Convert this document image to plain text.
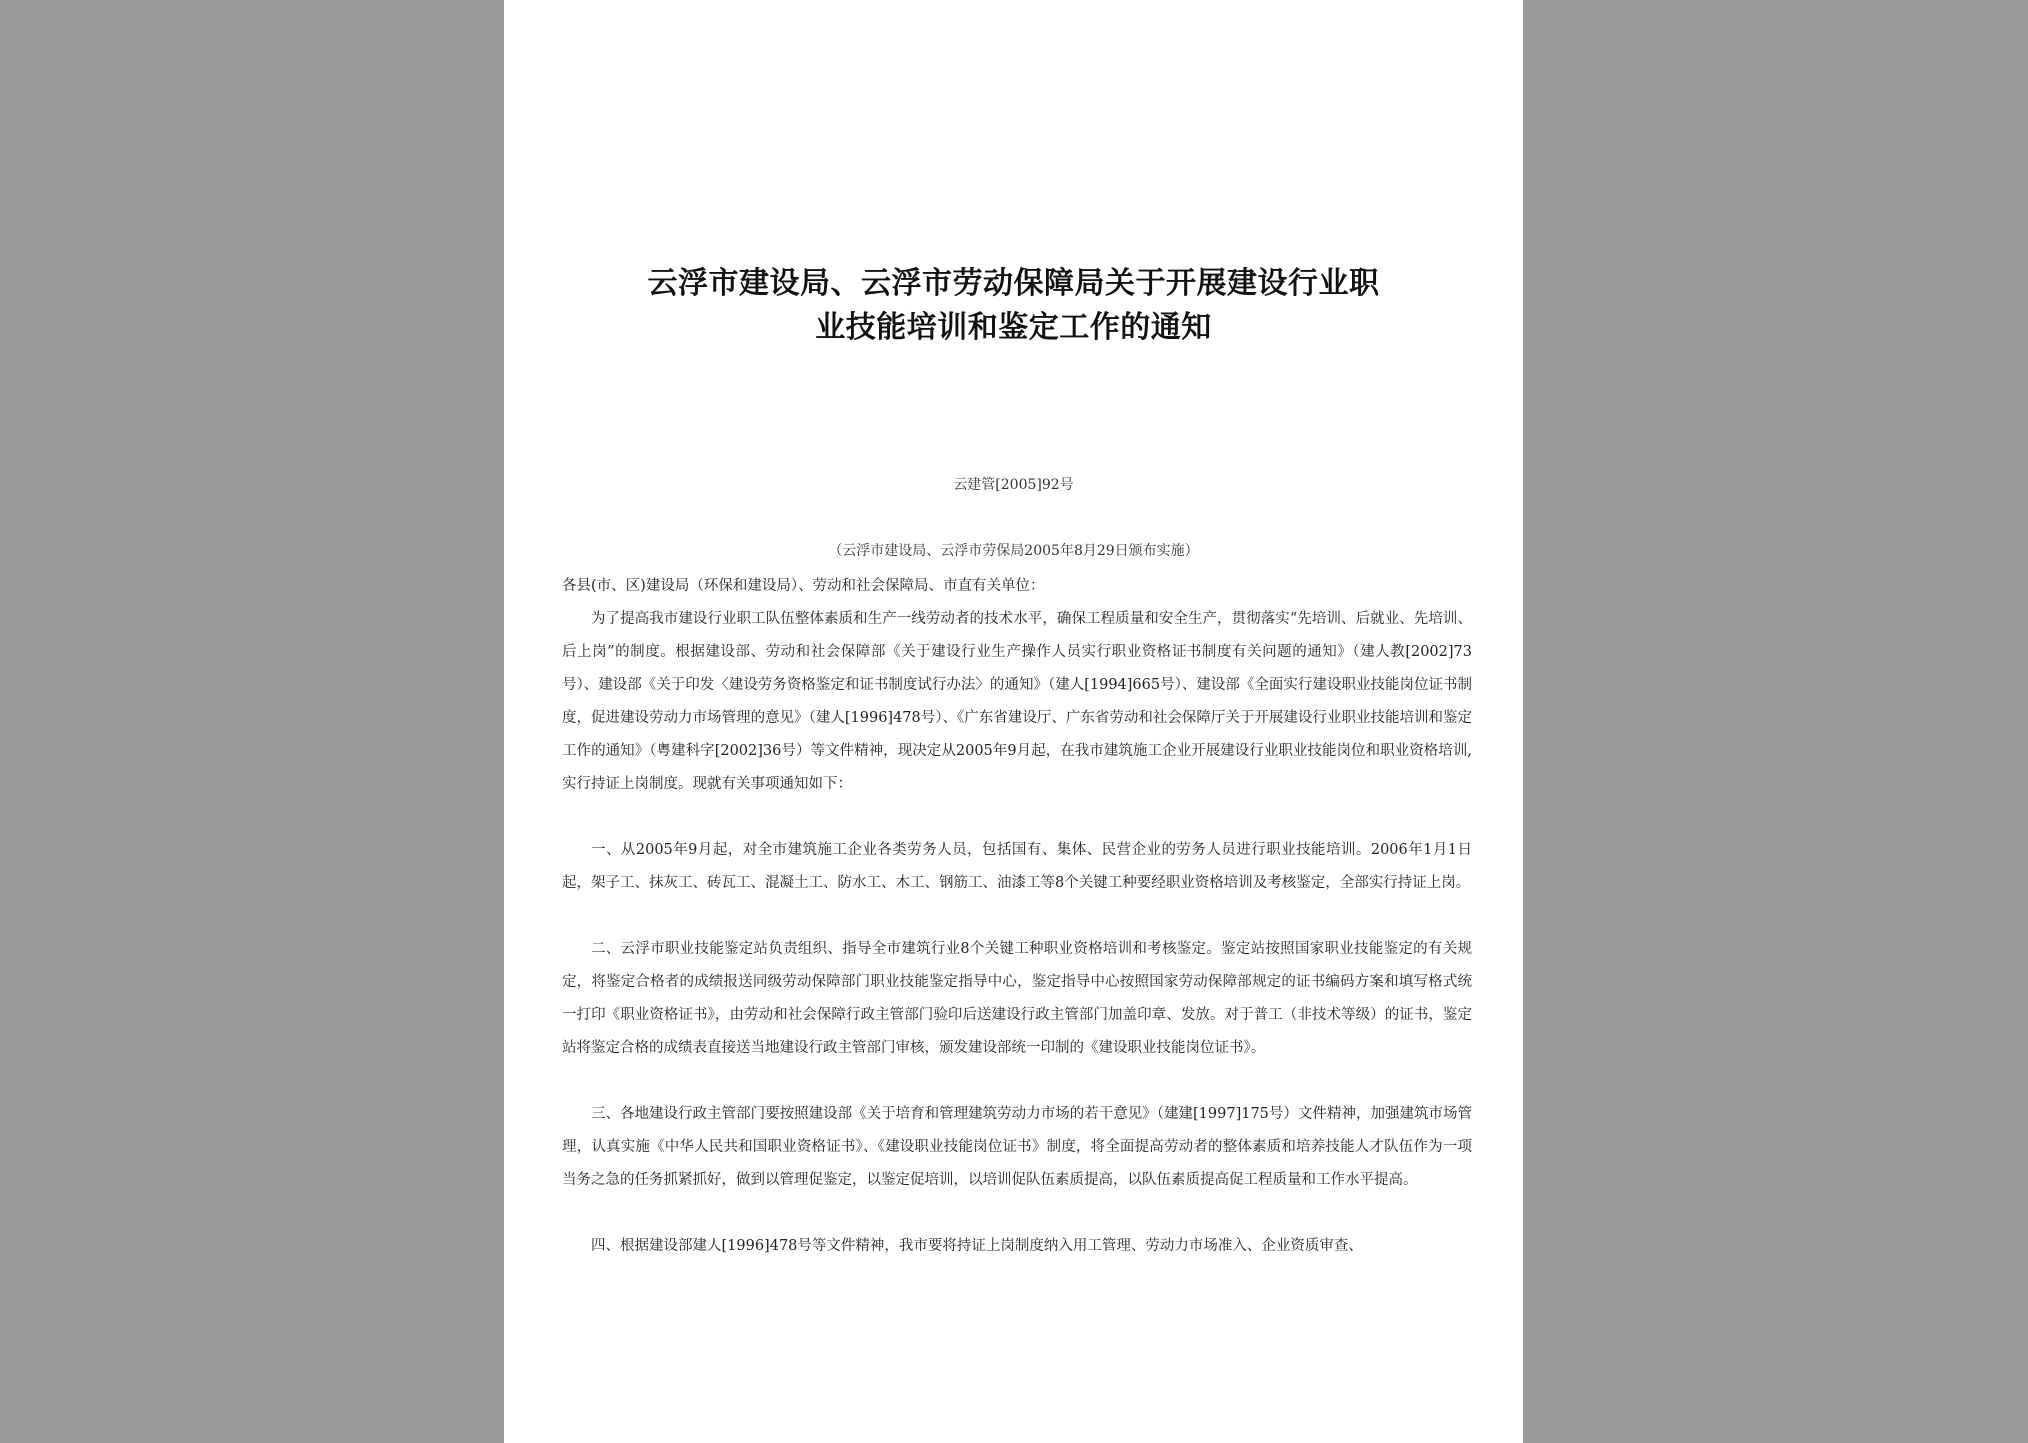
云浮市建设局、云浮市劳动保障局关于开展建设行业职
业技能培训和鉴定工作的通知
云建管[2005]92号
（云浮市建设局、云浮市劳保局2005年8月29日颁布实施）

各县(市、区)建设局（环保和建设局）、劳动和社会保障局、市直有关单位：

为了提高我市建设行业职工队伍整体素质和生产一线劳动者的技术水平，确保工程质量和安全生产，贯彻落实“先培训、后就业、先培训、后上岗”的制度。根据建设部、劳动和社会保障部《关于建设行业生产操作人员实行职业资格证书制度有关问题的通知》（建人教[2002]73号）、建设部《关于印发〈建设劳务资格鉴定和证书制度试行办法〉的通知》（建人[1994]665号）、建设部《全面实行建设职业技能岗位证书制度，促进建设劳动力市场管理的意见》（建人[1996]478号）、《广东省建设厅、广东省劳动和社会保障厅关于开展建设行业职业技能培训和鉴定工作的通知》（粤建科字[2002]36号）等文件精神，现决定从2005年9月起，在我市建筑施工企业开展建设行业职业技能岗位和职业资格培训,实行持证上岗制度。现就有关事项通知如下：

一、从2005年9月起，对全市建筑施工企业各类劳务人员，包括国有、集体、民营企业的劳务人员进行职业技能培训。2006年1月1日起，架子工、抹灰工、砖瓦工、混凝土工、防水工、木工、钢筋工、油漆工等8个关键工种要经职业资格培训及考核鉴定，全部实行持证上岗。

二、云浮市职业技能鉴定站负责组织、指导全市建筑行业8个关键工种职业资格培训和考核鉴定。鉴定站按照国家职业技能鉴定的有关规定，将鉴定合格者的成绩报送同级劳动保障部门职业技能鉴定指导中心，鉴定指导中心按照国家劳动保障部规定的证书编码方案和填写格式统一打印《职业资格证书》，由劳动和社会保障行政主管部门验印后送建设行政主管部门加盖印章、发放。对于普工（非技术等级）的证书，鉴定站将鉴定合格的成绩表直接送当地建设行政主管部门审核，颁发建设部统一印制的《建设职业技能岗位证书》。

三、各地建设行政主管部门要按照建设部《关于培育和管理建筑劳动力市场的若干意见》（建建[1997]175号）文件精神，加强建筑市场管理，认真实施《中华人民共和国职业资格证书》、《建设职业技能岗位证书》制度，将全面提高劳动者的整体素质和培养技能人才队伍作为一项当务之急的任务抓紧抓好，做到以管理促鉴定，以鉴定促培训，以培训促队伍素质提高，以队伍素质提高促工程质量和工作水平提高。

四、根据建设部建人[1996]478号等文件精神，我市要将持证上岗制度纳入用工管理、劳动力市场准入、企业资质审查、
